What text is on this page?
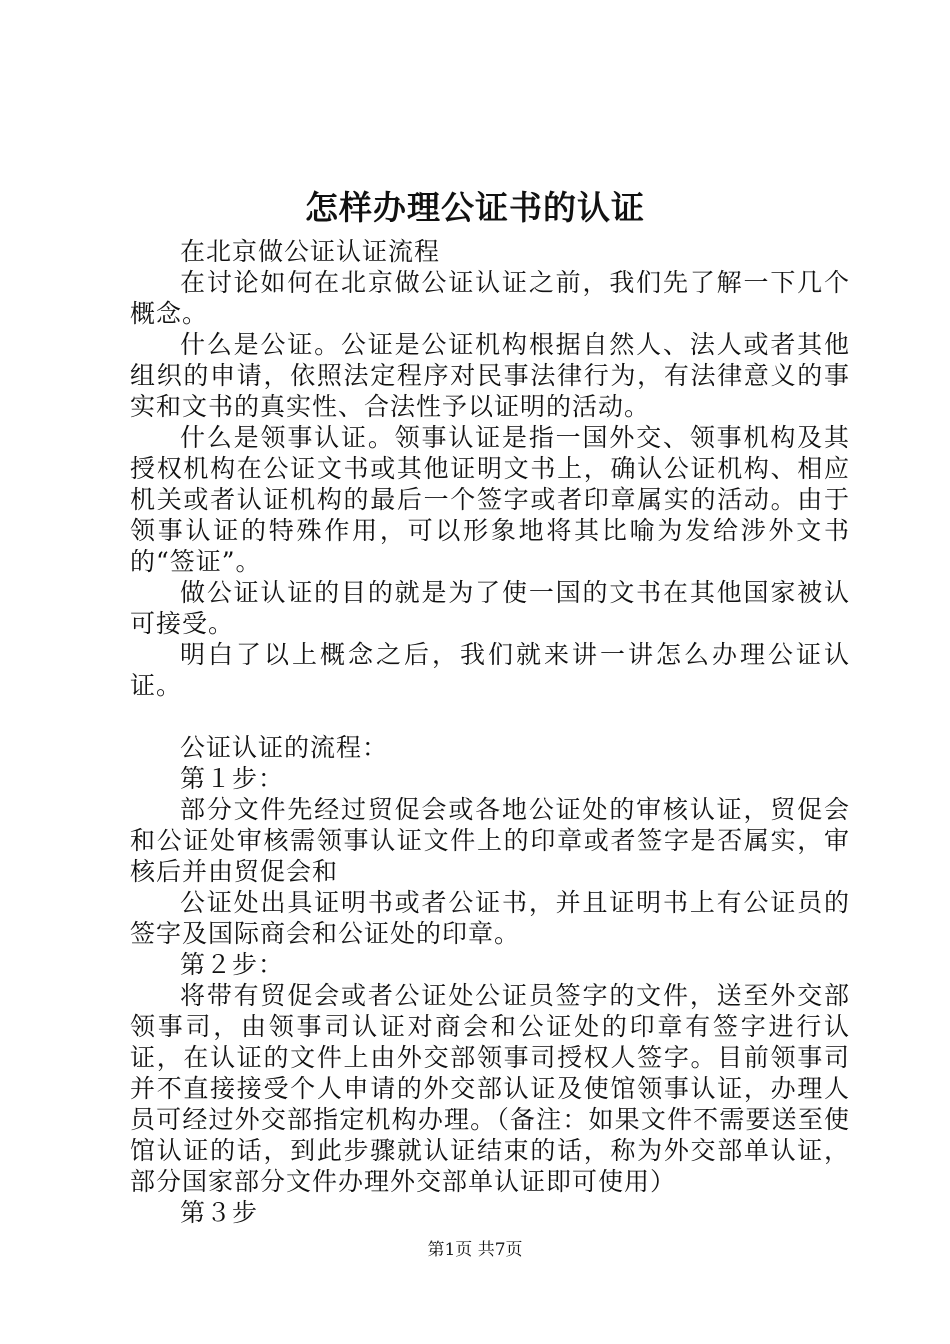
怎样办理公证书的认证

在北京做公证认证流程

在讨论如何在北京做公证认证之前，我们先了解一下几个概念。

什么是公证。公证是公证机构根据自然人、法人或者其他组织的申请，依照法定程序对民事法律行为，有法律意义的事实和文书的真实性、合法性予以证明的活动。

什么是领事认证。领事认证是指一国外交、领事机构及其授权机构在公证文书或其他证明文书上，确认公证机构、相应机关或者认证机构的最后一个签字或者印章属实的活动。由于领事认证的特殊作用，可以形象地将其比喻为发给涉外文书的“签证”。

做公证认证的目的就是为了使一国的文书在其他国家被认可接受。

明白了以上概念之后，我们就来讲一讲怎么办理公证认证。

公证认证的流程：

第１步：

部分文件先经过贸促会或各地公证处的审核认证，贸促会和公证处审核需领事认证文件上的印章或者签字是否属实，审核后并由贸促会和

公证处出具证明书或者公证书，并且证明书上有公证员的签字及国际商会和公证处的印章。

第２步：

将带有贸促会或者公证处公证员签字的文件，送至外交部领事司，由领事司认证对商会和公证处的印章有签字进行认证，在认证的文件上由外交部领事司授权人签字。目前领事司并不直接接受个人申请的外交部认证及使馆领事认证，办理人员可经过外交部指定机构办理。（备注：如果文件不需要送至使馆认证的话，到此步骤就认证结束的话，称为外交部单认证，部分国家部分文件办理外交部单认证即可使用）

第３步

第1页 共7页
